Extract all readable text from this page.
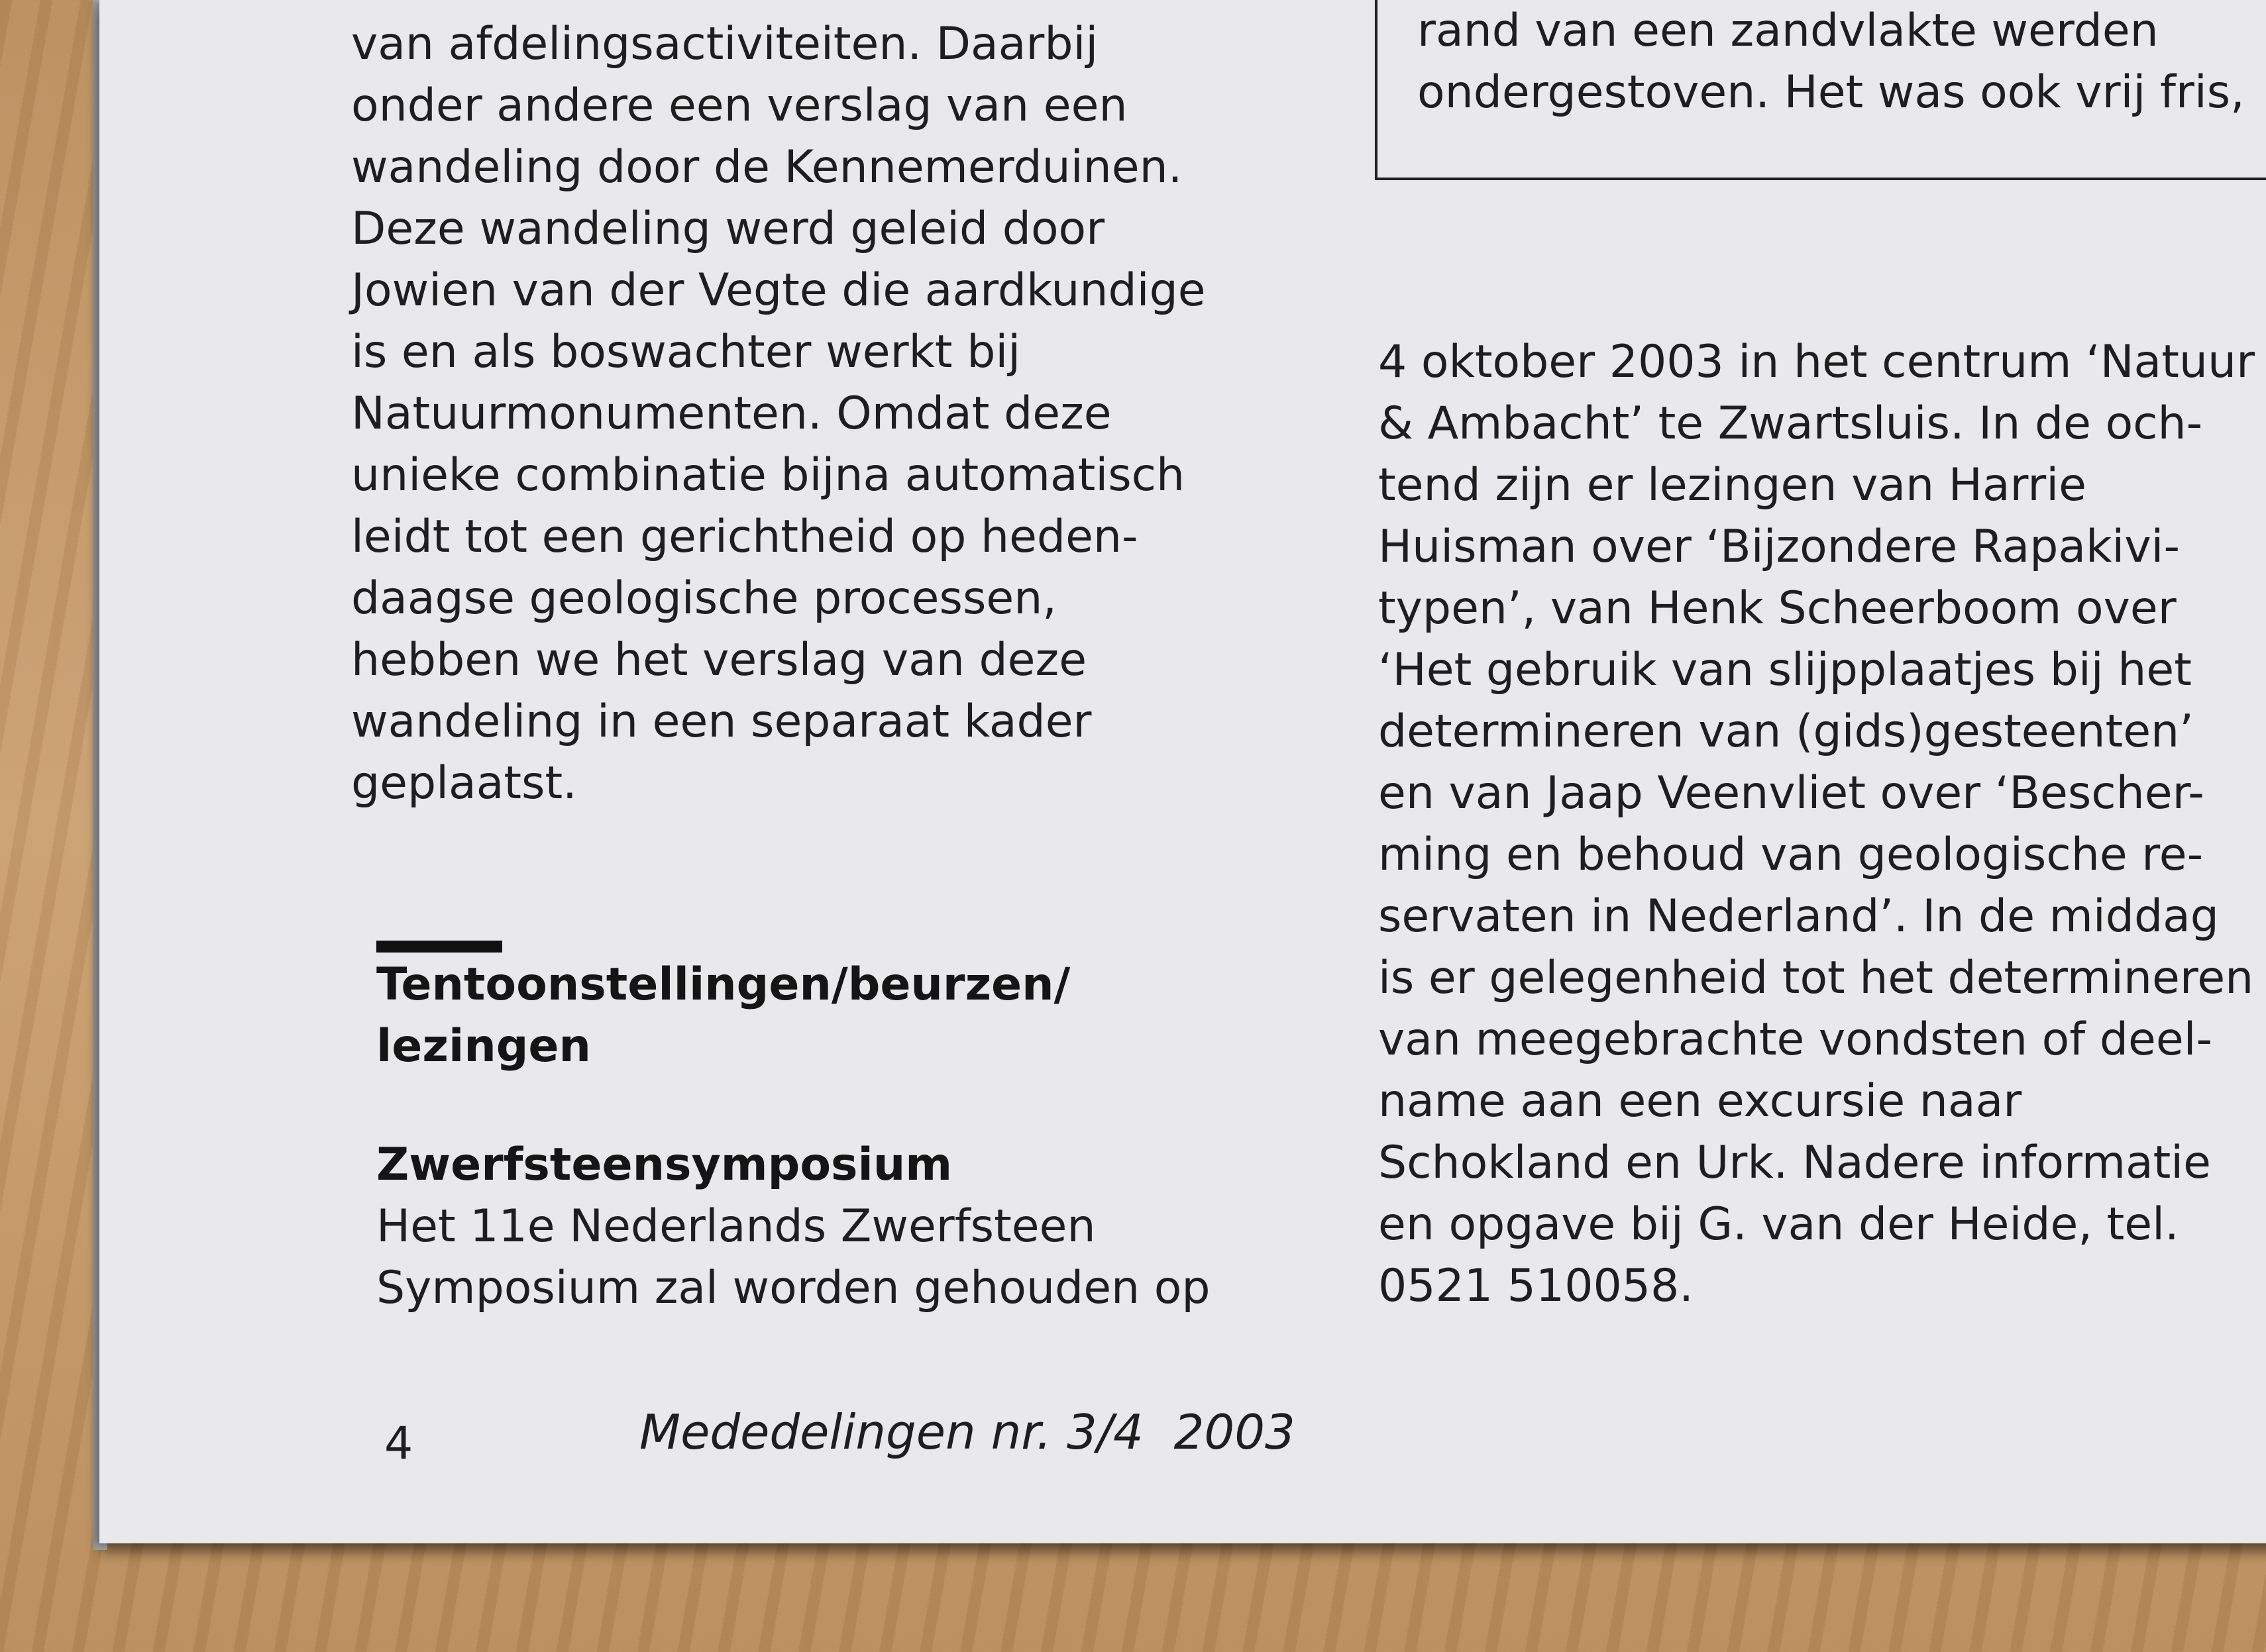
rand van een zandvlakte werden
ondergestoven. Het was ook vrij fris,

van afdelingsactiviteiten. Daarbij
onder andere een verslag van een
wandeling door de Kennemerduinen.
Deze wandeling werd geleid door
Jowien van der Vegte die aardkundige
is en als boswachter werkt bij
Natuurmonumenten. Omdat deze
unieke combinatie bijna automatisch
leidt tot een gerichtheid op heden-
daagse geologische processen,
hebben we het verslag van deze
wandeling in een separaat kader
geplaatst.

Tentoonstellingen/beurzen/
lezingen
Zwerfsteensymposium

Het 11e Nederlands Zwerfsteen
Symposium zal worden gehouden op

4 oktober 2003 in het centrum ‘Natuur
& Ambacht’ te Zwartsluis. In de och-
tend zijn er lezingen van Harrie
Huisman over ‘Bijzondere Rapakivi-
typen’, van Henk Scheerboom over
‘Het gebruik van slijpplaatjes bij het
determineren van (gids)gesteenten’
en van Jaap Veenvliet over ‘Bescher-
ming en behoud van geologische re-
servaten in Nederland’. In de middag
is er gelegenheid tot het determineren
van meegebrachte vondsten of deel-
name aan een excursie naar
Schokland en Urk. Nadere informatie
en opgave bij G. van der Heide, tel.
0521 510058.

4	Mededelingen nr. 3/4  2003
